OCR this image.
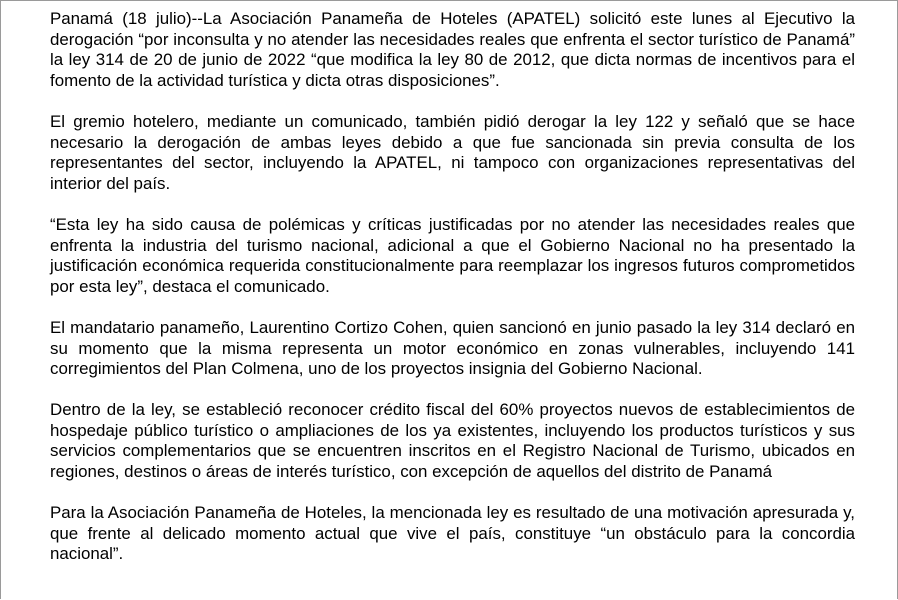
Panamá (18 julio)--La Asociación Panameña de Hoteles (APATEL) solicitó este lunes al Ejecutivo la derogación “por inconsulta y no atender las necesidades reales que enfrenta el sector turístico de Panamá” la ley 314 de 20 de junio de 2022 “que modifica la ley 80 de 2012, que dicta normas de incentivos para el fomento de la actividad turística y dicta otras disposiciones”.

El gremio hotelero, mediante un comunicado, también pidió derogar la ley 122 y señaló que se hace necesario la derogación de ambas leyes debido a que fue sancionada sin previa consulta de los representantes del sector, incluyendo la APATEL, ni tampoco con organizaciones representativas del interior del país.

“Esta ley ha sido causa de polémicas y críticas justificadas por no atender las necesidades reales que enfrenta la industria del turismo nacional, adicional a que el Gobierno Nacional no ha presentado la justificación económica requerida constitucionalmente para reemplazar los ingresos futuros comprometidos por esta ley”, destaca el comunicado.

El mandatario panameño, Laurentino Cortizo Cohen, quien sancionó en junio pasado la ley 314 declaró en su momento que la misma representa un motor económico en zonas vulnerables, incluyendo 141 corregimientos del Plan Colmena, uno de los proyectos insignia del Gobierno Nacional.

Dentro de la ley, se estableció reconocer crédito fiscal del 60% proyectos nuevos de establecimientos de hospedaje público turístico o ampliaciones de los ya existentes, incluyendo los productos turísticos y sus servicios complementarios que se encuentren inscritos en el Registro Nacional de Turismo, ubicados en regiones, destinos o áreas de interés turístico, con excepción de aquellos del distrito de Panamá

Para la Asociación Panameña de Hoteles, la mencionada ley es resultado de una motivación apresurada y, que frente al delicado momento actual que vive el país, constituye “un obstáculo para la concordia nacional”.
